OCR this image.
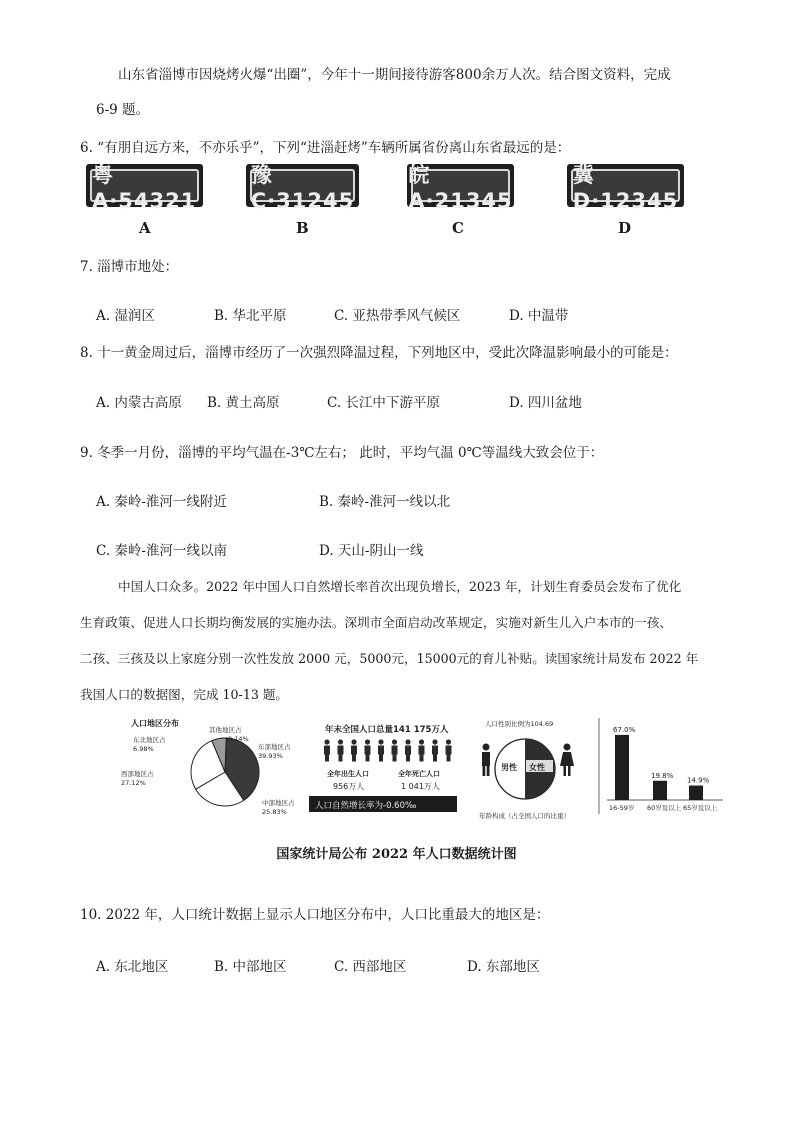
山东省淄博市因烧烤火爆“出圈”，今年十一期间接待游客800余万人次。结合图文资料，完成
6-9 题。
6. “有朋自远方来，不亦乐乎”，下列“进淄赶烤”车辆所属省份离山东省最远的是：
粤A·54321
豫C·31245
皖A·21345
冀D·12345
A	B	C	D
7. 淄博市地处：
A. 湿润区	B. 华北平原	C. 亚热带季风气候区	D. 中温带
8. 十一黄金周过后，淄博市经历了一次强烈降温过程，下列地区中，受此次降温影响最小的可能是：
A. 内蒙古高原 B. 黄土高原	C. 长江中下游平原	D. 四川盆地
9. 冬季一月份，淄博的平均气温在-3℃左右； 此时，平均气温 0℃等温线大致会位于：
A. 秦岭-淮河一线附近	B. 秦岭-淮河一线以北
C. 秦岭-淮河一线以南	D. 天山-阴山一线
中国人口众多。2022 年中国人口自然增长率首次出现负增长，2023 年，计划生育委员会发布了优化
生育政策、促进人口长期均衡发展的实施办法。深圳市全面启动改革规定，实施对新生儿入户本市的一孩、
二孩、三孩及以上家庭分别一次性发放 2000 元，5000元，15000元的育儿补贴。读国家统计局发布 2022 年
我国人口的数据图，完成 10-13 题。
人口地区分布
东北地区占
6.98%
西部地区占
27.12%
其他地区占
0.14%
东部地区占
39.93%
中部地区占
25.83%
年末全国人口总量141 175万人
全年出生人口
956万人
全年死亡人口
1 041万人
人口自然增长率为-0.60‰
人口性别比例为104.69
男性 女性
年龄构成（占全国人口的比重）
67.0%
16-59岁
19.8%
60岁及以上
14.9%
65岁及以上
国家统计局公布 2022 年人口数据统计图
10. 2022 年，人口统计数据上显示人口地区分布中，人口比重最大的地区是：
A. 东北地区	B. 中部地区	C. 西部地区	D. 东部地区
